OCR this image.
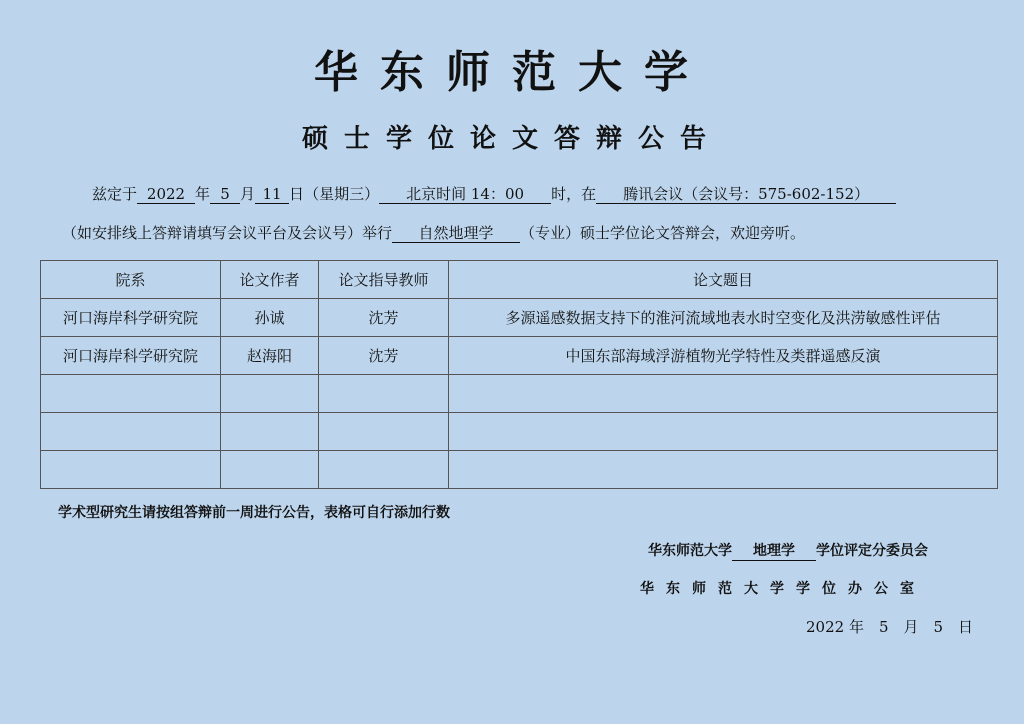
华东师范大学
硕士学位论文答辩公告
兹定于 2022 年 5 月 11 日（星期三） 北京时间 14：00 时，在 腾讯会议（会议号：575-602-152）
（如安排线上答辩请填写会议平台及会议号）举行 自然地理学 （专业）硕士学位论文答辩会，欢迎旁听。
院系	论文作者	论文指导教师	论文题目
河口海岸科学研究院	孙诚	沈芳	多源遥感数据支持下的淮河流域地表水时空变化及洪涝敏感性评估
河口海岸科学研究院	赵海阳	沈芳	中国东部海域浮游植物光学特性及类群遥感反演

学术型研究生请按组答辩前一周进行公告，表格可自行添加行数
华东师范大学 地理学 学位评定分委员会
华东师范大学学位办公室
2022 年　5　月　5　日
